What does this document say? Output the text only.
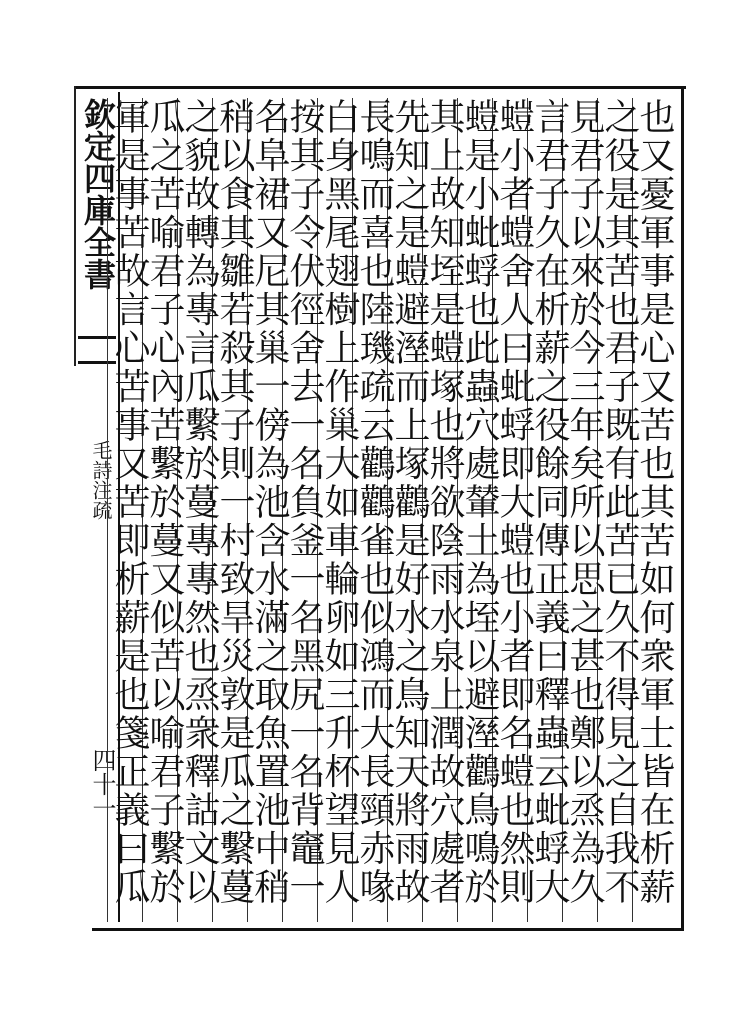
欽定四庫全書
毛詩注疏
四十一	也又憂軍事是心又苦也其苦如何衆軍士皆在析薪
之役是其苦也君子既有此苦已久不得見之自我不
見君子以來於今三年矣所以思之甚也鄭以烝為久
言君子久在析薪之役餘同傳正義曰釋蟲云蚍蜉大
螘小者螘舍人曰蚍蜉即大螘也小者即名螘也然則
螘是小蚍蜉也此蟲穴處輦土為垤以避溼鸛鳥鳴於
其上故知垤是螘塚也將欲陰雨水泉上潤故穴處者
先知之是螘避溼而上塚鸛是好水之鳥知天將雨故
長鳴而喜也陸璣疏云鸛鸛雀也似鴻而大長頸赤喙
白身黑尾翅樹上作巢大如車輪卵如三升杯望見人
按其子令伏徑舍去一名負釜一名黑尻一名背竈一
名阜裙又尼其巢一傍為池含水滿之取魚置池中稍
稍以食其雛若殺其子則一村致旱災敦是瓜之繫蔓
之貌故轉為專言瓜繫於蔓專專然也烝衆釋詁文以
瓜之苦喻君子心內苦繫於蔓又似苦以喻君子繫於
軍是事苦故言心苦事又苦即析薪是也箋正義曰瓜
